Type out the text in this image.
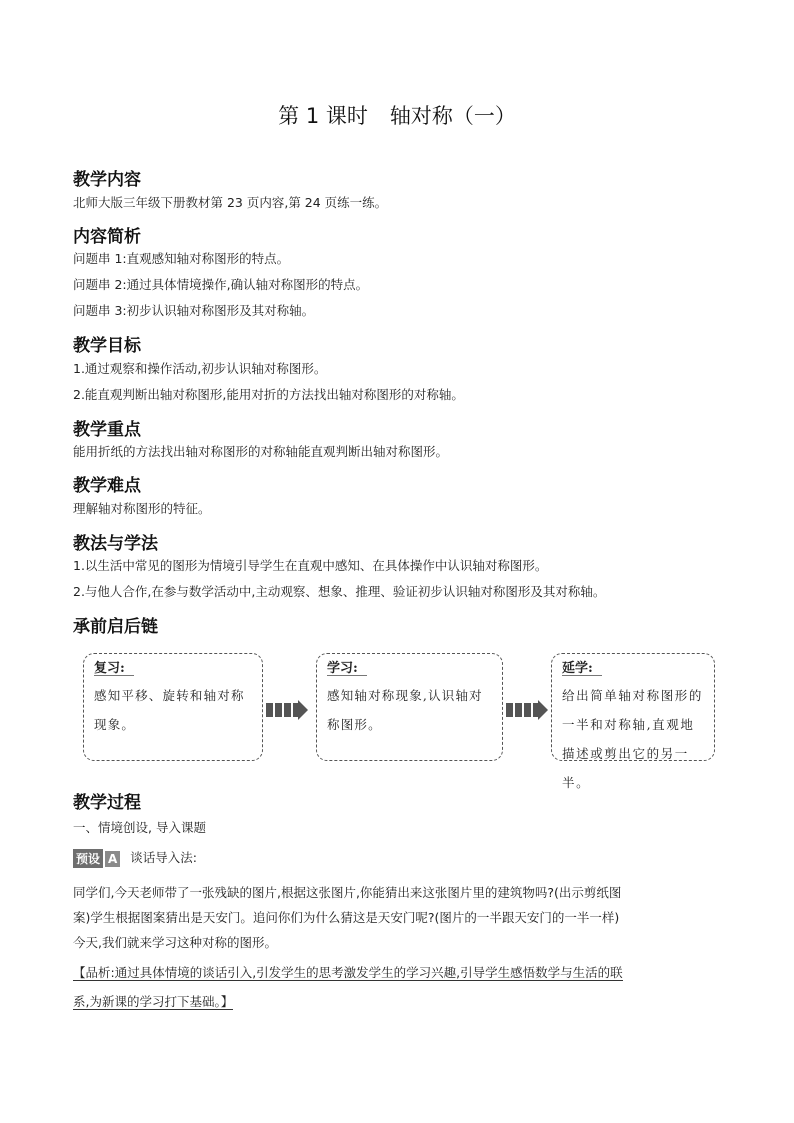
第 1 课时 轴对称（一）
教学内容
北师大版三年级下册教材第 23 页内容,第 24 页练一练。
内容简析
问题串 1:直观感知轴对称图形的特点。
问题串 2:通过具体情境操作,确认轴对称图形的特点。
问题串 3:初步认识轴对称图形及其对称轴。
教学目标
1.通过观察和操作活动,初步认识轴对称图形。
2.能直观判断出轴对称图形,能用对折的方法找出轴对称图形的对称轴。
教学重点
能用折纸的方法找出轴对称图形的对称轴能直观判断出轴对称图形。
教学难点
理解轴对称图形的特征。
教法与学法
1.以生活中常见的图形为情境引导学生在直观中感知、在具体操作中认识轴对称图形。
2.与他人合作,在参与数学活动中,主动观察、想象、推理、验证初步认识轴对称图形及其对称轴。
承前启后链
复习:
感知平移、旋转和轴对称现象。
学习:
感知轴对称现象,认识轴对称图形。
延学:
给出简单轴对称图形的一半和对称轴,直观地描述或剪出它的另一半。
教学过程
一、情境创设, 导入课题
预设 A 谈话导入法:
同学们,今天老师带了一张残缺的图片,根据这张图片,你能猜出来这张图片里的建筑物吗?(出示剪纸图
案)学生根据图案猜出是天安门。追问你们为什么猜这是天安门呢?(图片的一半跟天安门的一半一样)
今天,我们就来学习这种对称的图形。
【品析:通过具体情境的谈话引入,引发学生的思考激发学生的学习兴趣,引导学生感悟数学与生活的联
系,为新课的学习打下基础。】
